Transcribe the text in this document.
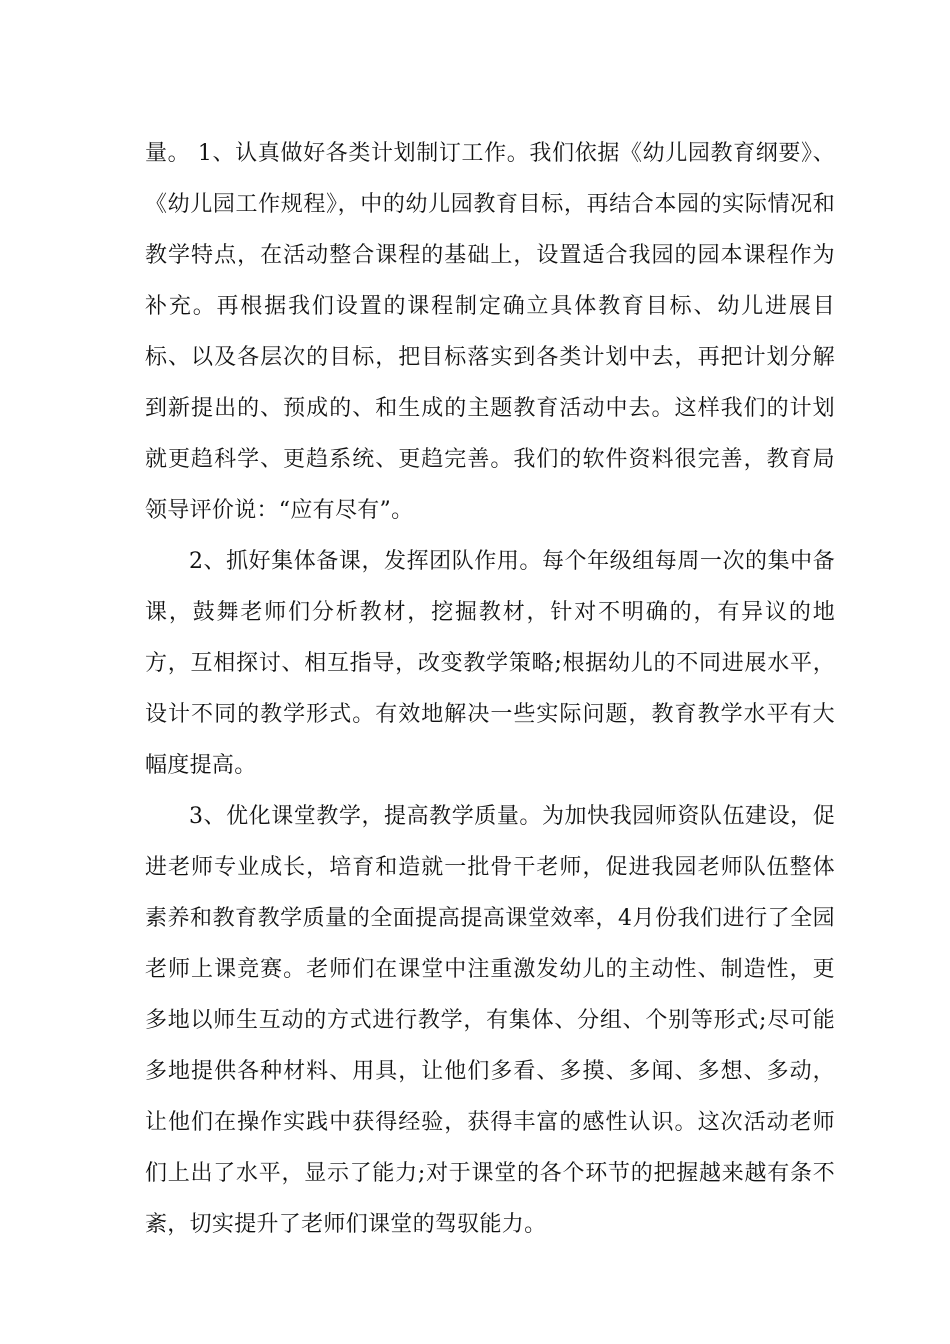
量。 1、认真做好各类计划制订工作。我们依据《幼儿园教育纲要》、《幼儿园工作规程》，中的幼儿园教育目标，再结合本园的实际情况和教学特点，在活动整合课程的基础上，设置适合我园的园本课程作为补充。再根据我们设置的课程制定确立具体教育目标、幼儿进展目标、以及各层次的目标，把目标落实到各类计划中去，再把计划分解到新提出的、预成的、和生成的主题教育活动中去。这样我们的计划就更趋科学、更趋系统、更趋完善。我们的软件资料很完善，教育局领导评价说：“应有尽有”。

2、抓好集体备课，发挥团队作用。每个年级组每周一次的集中备课，鼓舞老师们分析教材，挖掘教材，针对不明确的，有异议的地方，互相探讨、相互指导，改变教学策略;根据幼儿的不同进展水平，设计不同的教学形式。有效地解决一些实际问题，教育教学水平有大幅度提高。

3、优化课堂教学，提高教学质量。为加快我园师资队伍建设，促进老师专业成长，培育和造就一批骨干老师，促进我园老师队伍整体素养和教育教学质量的全面提高提高课堂效率，4月份我们进行了全园老师上课竞赛。老师们在课堂中注重激发幼儿的主动性、制造性，更多地以师生互动的方式进行教学，有集体、分组、个别等形式;尽可能多地提供各种材料、用具，让他们多看、多摸、多闻、多想、多动，让他们在操作实践中获得经验，获得丰富的感性认识。这次活动老师们上出了水平，显示了能力;对于课堂的各个环节的把握越来越有条不紊，切实提升了老师们课堂的驾驭能力。
